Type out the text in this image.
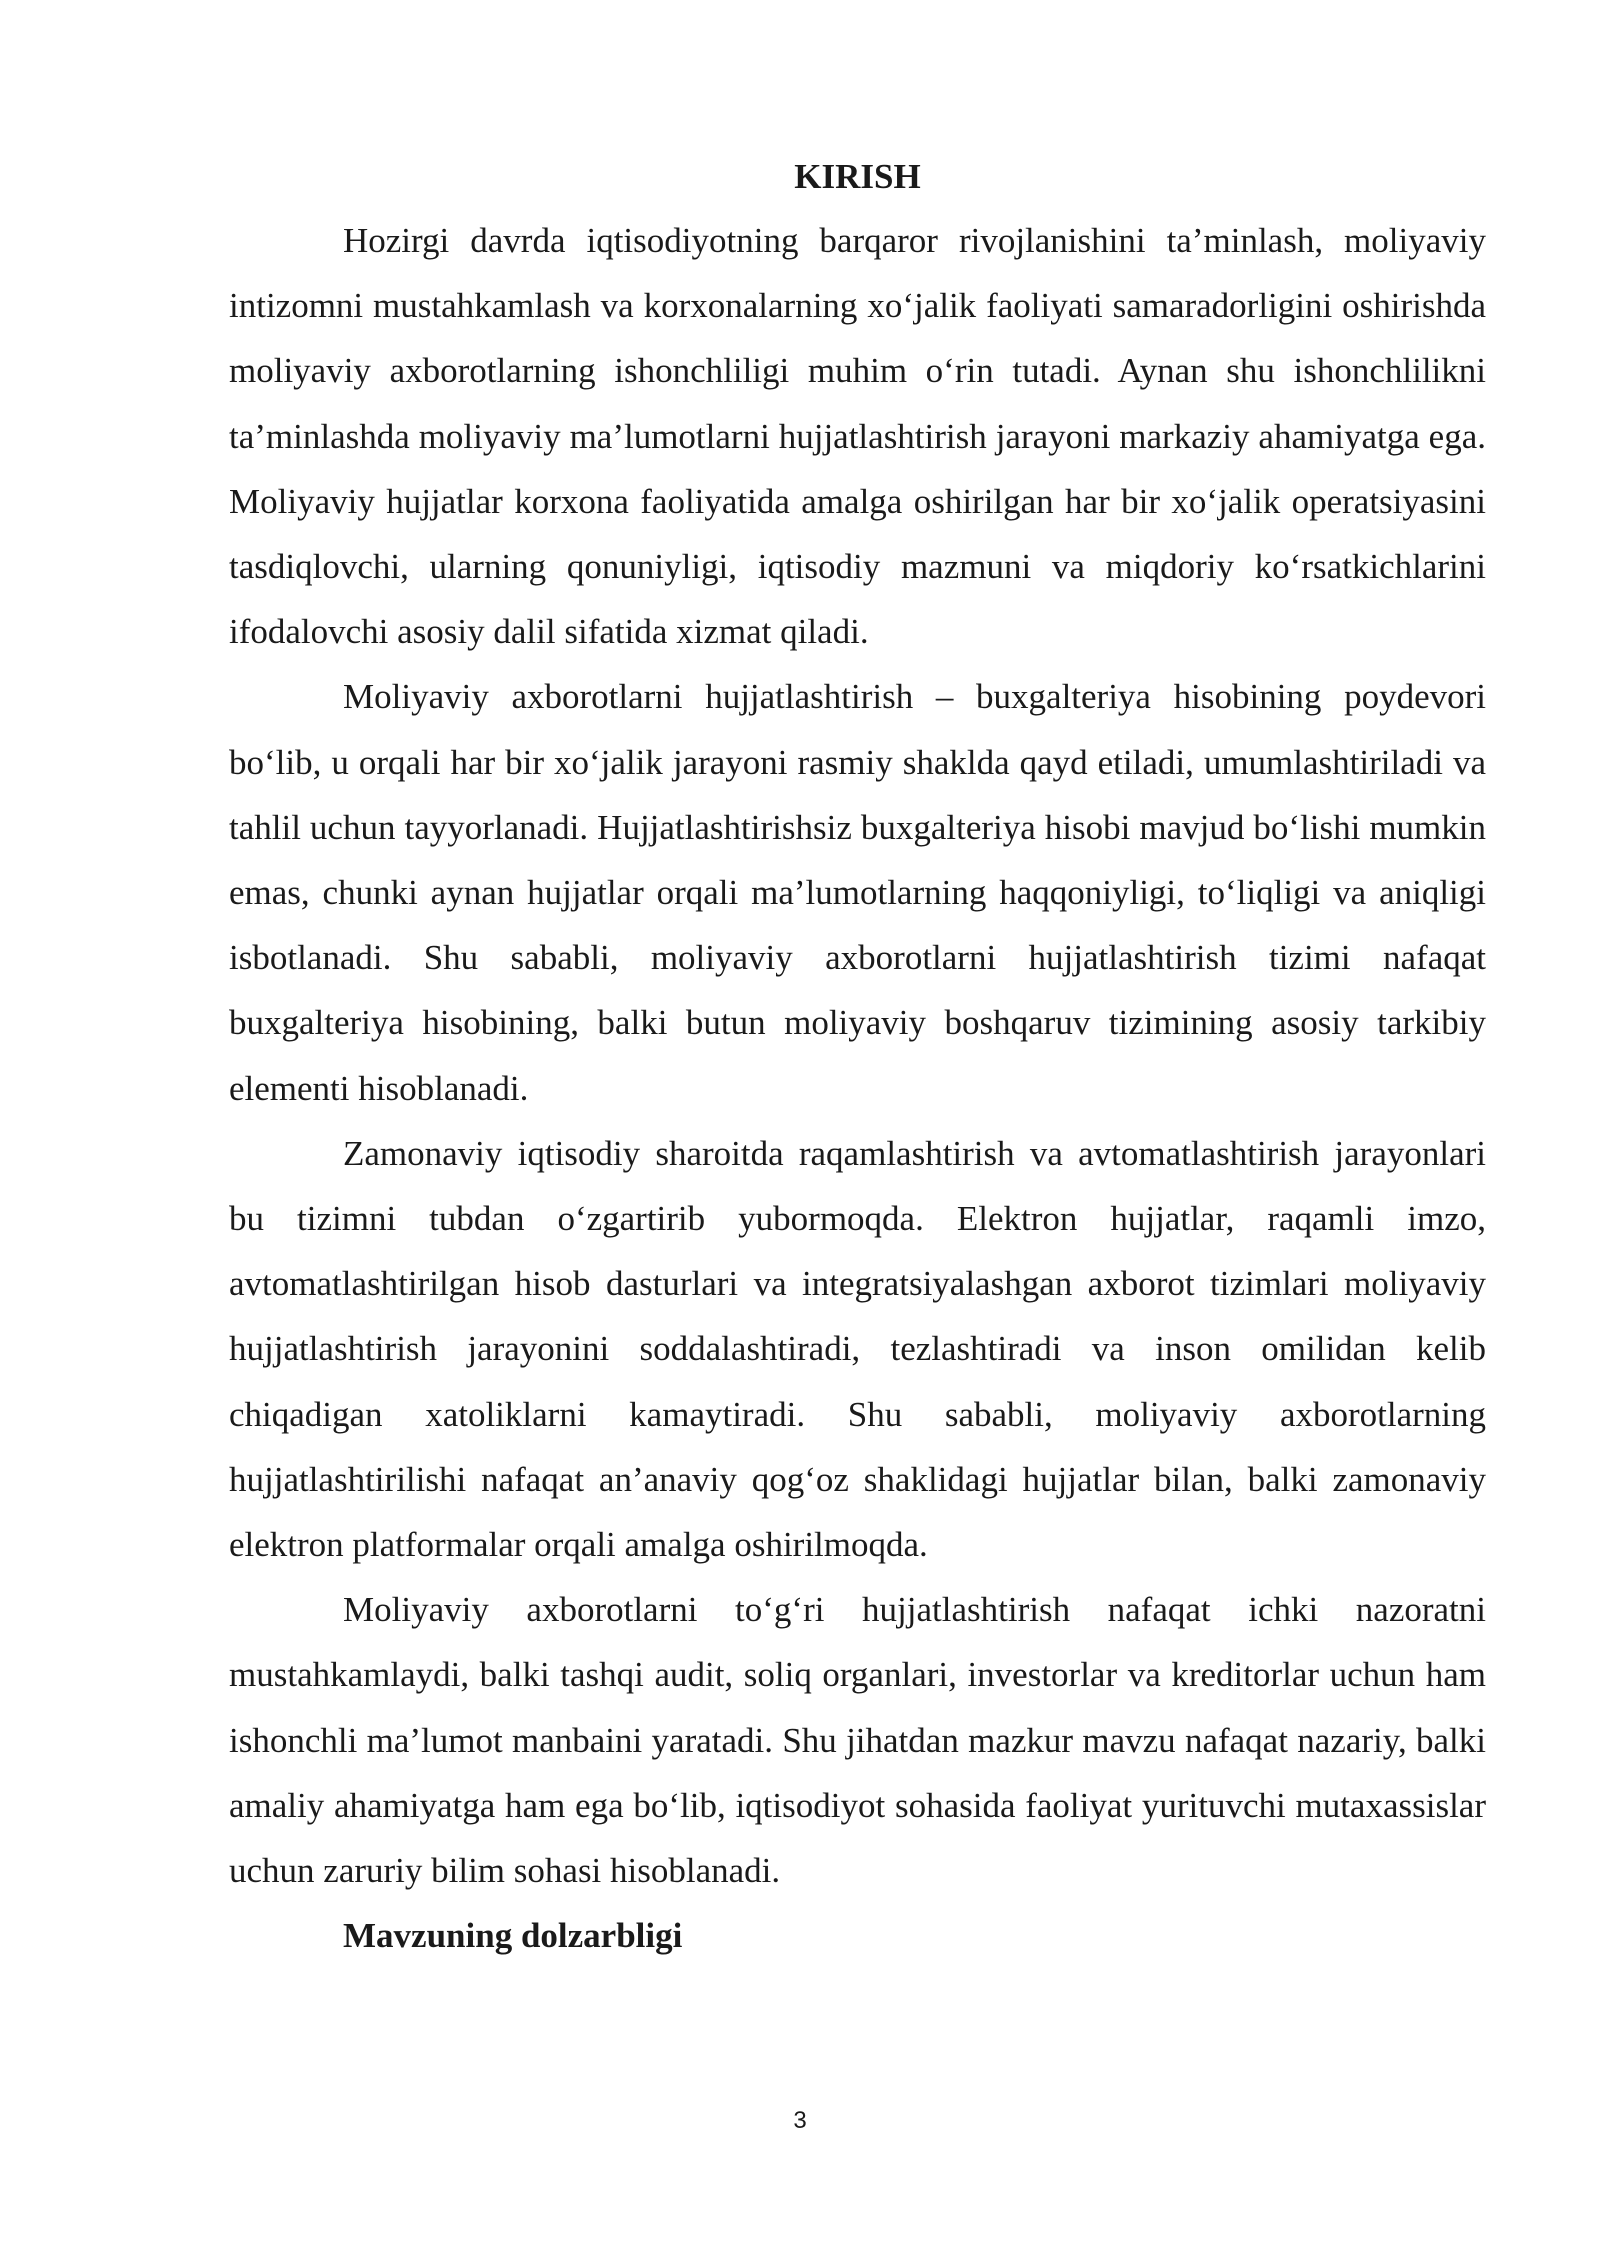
KIRISH

Hozirgi davrda iqtisodiyotning barqaror rivojlanishini ta’minlash, moliyaviy intizomni mustahkamlash va korxonalarning xo‘jalik faoliyati samaradorligini oshirishda moliyaviy axborotlarning ishonchliligi muhim o‘rin tutadi. Aynan shu ishonchlilikni ta’minlashda moliyaviy ma’lumotlarni hujjatlashtirish jarayoni markaziy ahamiyatga ega. Moliyaviy hujjatlar korxona faoliyatida amalga oshirilgan har bir xo‘jalik operatsiyasini tasdiqlovchi, ularning qonuniyligi, iqtisodiy mazmuni va miqdoriy ko‘rsatkichlarini ifodalovchi asosiy dalil sifatida xizmat qiladi.

Moliyaviy axborotlarni hujjatlashtirish – buxgalteriya hisobining poydevori bo‘lib, u orqali har bir xo‘jalik jarayoni rasmiy shaklda qayd etiladi, umumlashtiriladi va tahlil uchun tayyorlanadi. Hujjatlashtirishsiz buxgalteriya hisobi mavjud bo‘lishi mumkin emas, chunki aynan hujjatlar orqali ma’lumotlarning haqqoniyligi, to‘liqligi va aniqligi isbotlanadi. Shu sababli, moliyaviy axborotlarni hujjatlashtirish tizimi nafaqat buxgalteriya hisobining, balki butun moliyaviy boshqaruv tizimining asosiy tarkibiy elementi hisoblanadi.

Zamonaviy iqtisodiy sharoitda raqamlashtirish va avtomatlashtirish jarayonlari bu tizimni tubdan o‘zgartirib yubormoqda. Elektron hujjatlar, raqamli imzo, avtomatlashtirilgan hisob dasturlari va integratsiyalashgan axborot tizimlari moliyaviy hujjatlashtirish jarayonini soddalashtiradi, tezlashtiradi va inson omilidan kelib chiqadigan xatoliklarni kamaytiradi. Shu sababli, moliyaviy axborotlarning hujjatlashtirilishi nafaqat an’anaviy qog‘oz shaklidagi hujjatlar bilan, balki zamonaviy elektron platformalar orqali amalga oshirilmoqda.

Moliyaviy axborotlarni to‘g‘ri hujjatlashtirish nafaqat ichki nazoratni mustahkamlaydi, balki tashqi audit, soliq organlari, investorlar va kreditorlar uchun ham ishonchli ma’lumot manbaini yaratadi. Shu jihatdan mazkur mavzu nafaqat nazariy, balki amaliy ahamiyatga ham ega bo‘lib, iqtisodiyot sohasida faoliyat yurituvchi mutaxassislar uchun zaruriy bilim sohasi hisoblanadi.

Mavzuning dolzarbligi
3
